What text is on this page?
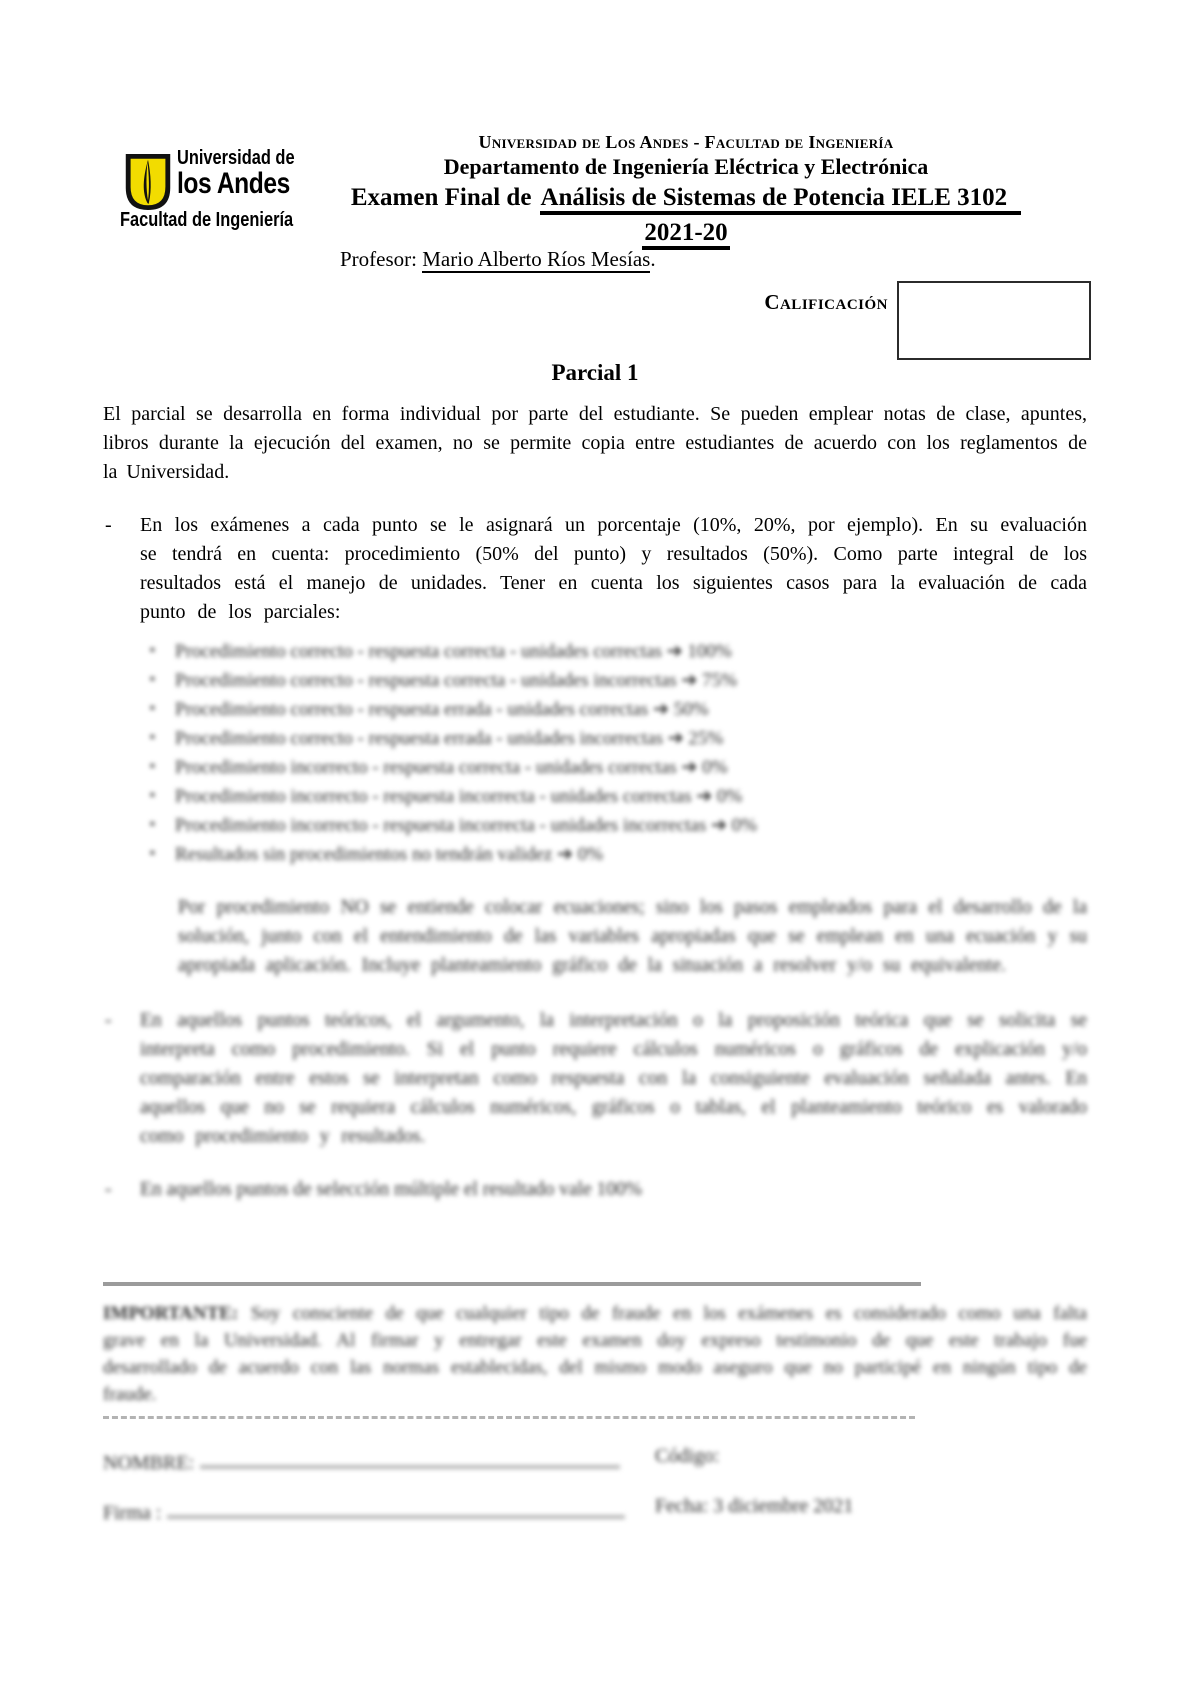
Universidad de
los Andes
Facultad de Ingeniería
Universidad de Los Andes - Facultad de Ingeniería
Departamento de Ingeniería Eléctrica y Electrónica
Examen Final de Análisis de Sistemas de Potencia IELE 3102
2021-20
Profesor: Mario Alberto Ríos Mesías.
Calificación
Parcial 1

El parcial se desarrolla en forma individual por parte del estudiante. Se pueden emplear notas de clase, apuntes, libros durante la ejecución del examen, no se permite copia entre estudiantes de acuerdo con los reglamentos de la Universidad.

- En los exámenes a cada punto se le asignará un porcentaje (10%, 20%, por ejemplo). En su evaluación se tendrá en cuenta: procedimiento (50% del punto) y resultados (50%). Como parte integral de los resultados está el manejo de unidades. Tener en cuenta los siguientes casos para la evaluación de cada punto de los parciales:
▪ Procedimiento correcto - respuesta correcta - unidades correctas ➔ 100%
▪ Procedimiento correcto - respuesta correcta - unidades incorrectas ➔ 75%
▪ Procedimiento correcto - respuesta errada - unidades correctas ➔ 50%
▪ Procedimiento correcto - respuesta errada - unidades incorrectas ➔ 25%
▪ Procedimiento incorrecto - respuesta correcta - unidades correctas ➔ 0%
▪ Procedimiento incorrecto - respuesta incorrecta - unidades correctas ➔ 0%
▪ Procedimiento incorrecto - respuesta incorrecta - unidades incorrectas ➔ 0%
▪ Resultados sin procedimientos no tendrán validez ➔ 0%

Por procedimiento NO se entiende colocar ecuaciones; sino los pasos empleados para el desarrollo de la solución, junto con el entendimiento de las variables apropiadas que se emplean en una ecuación y su apropiada aplicación. Incluye planteamiento gráfico de la situación a resolver y/o su equivalente.

- En aquellos puntos teóricos, el argumento, la interpretación o la proposición teórica que se solicita se interpreta como procedimiento. Si el punto requiere cálculos numéricos o gráficos de explicación y/o comparación entre estos se interpretan como respuesta con la consiguiente evaluación señalada antes. En aquellos que no se requiera cálculos numéricos, gráficos o tablas, el planteamiento teórico es valorado como procedimiento y resultados.
- En aquellos puntos de selección múltiple el resultado vale 100%

IMPORTANTE: Soy consciente de que cualquier tipo de fraude en los exámenes es considerado como una falta grave en la Universidad. Al firmar y entregar este examen doy expreso testimonio de que este trabajo fue desarrollado de acuerdo con las normas establecidas, del mismo modo aseguro que no participé en ningún tipo de fraude.

NOMBRE:	Código:
Firma :	Fecha: 3 diciembre 2021
